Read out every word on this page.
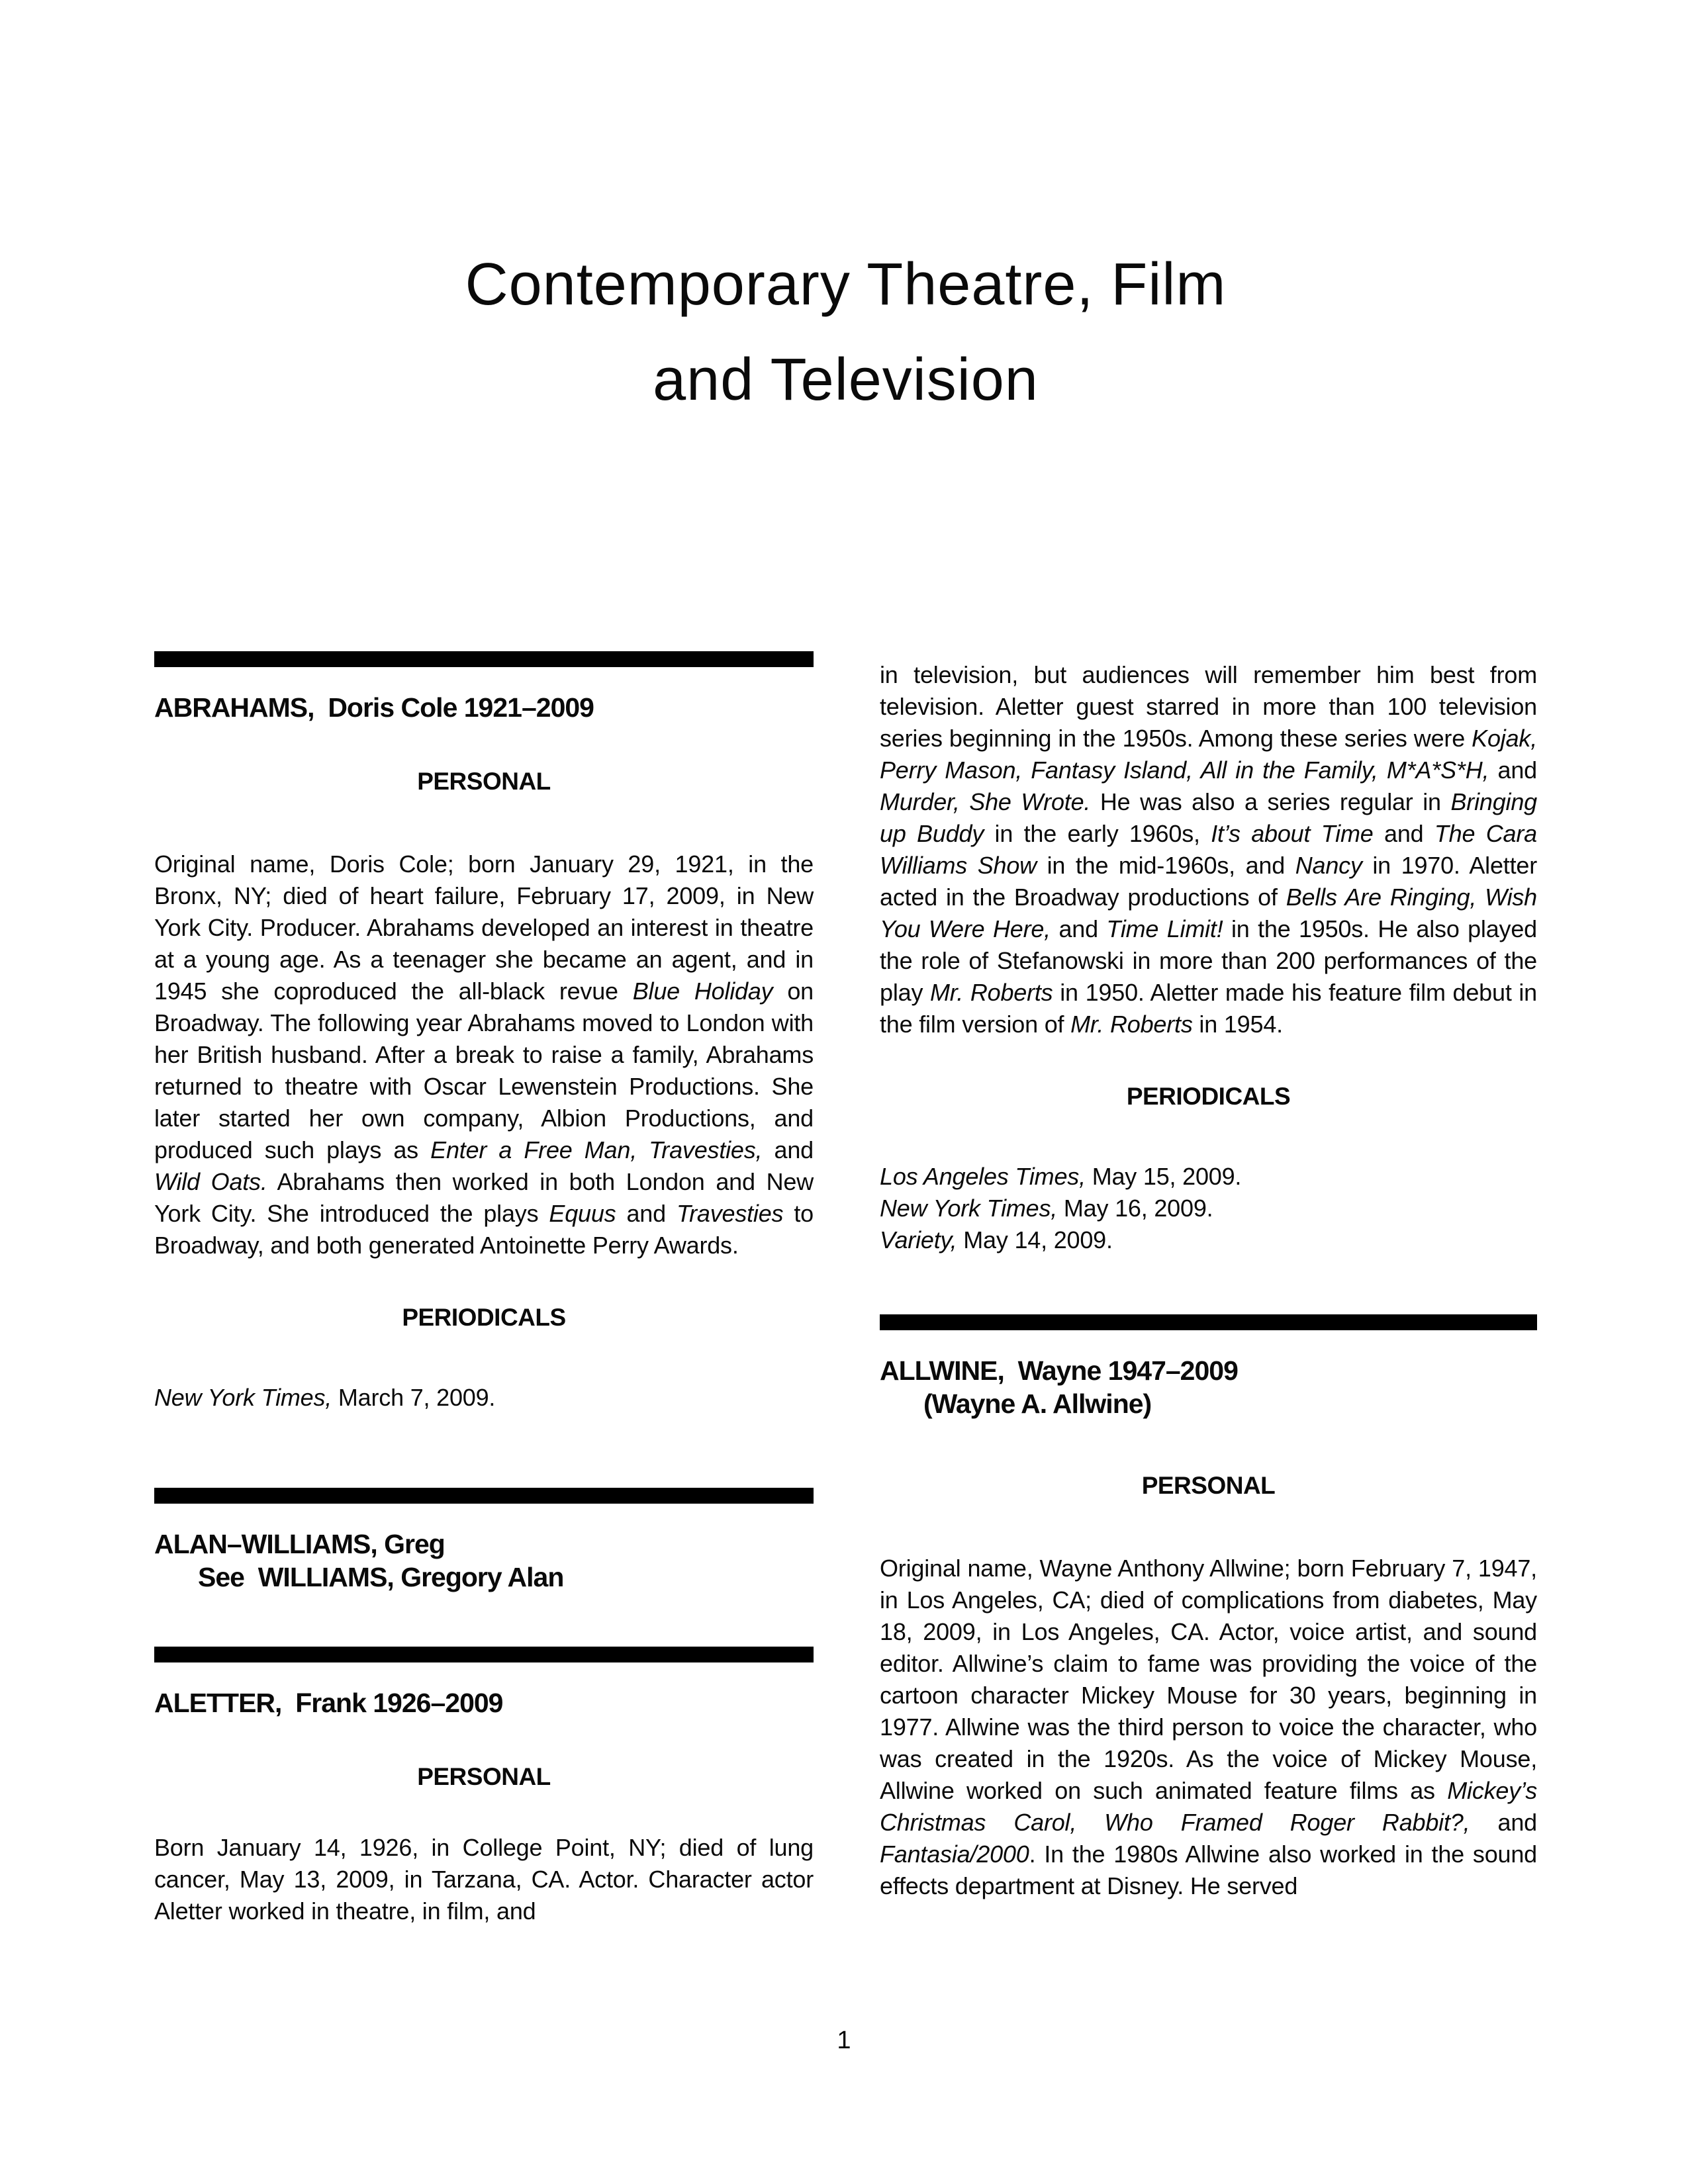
Contemporary Theatre, Film
and Television
ABRAHAMS,  Doris Cole 1921–2009
PERSONAL

Original name, Doris Cole; born January 29, 1921, in the Bronx, NY; died of heart failure, February 17, 2009, in New York City. Producer. Abrahams developed an interest in theatre at a young age. As a teenager she became an agent, and in 1945 she coproduced the all-black revue Blue Holiday on Broadway. The following year Abrahams moved to London with her British husband. After a break to raise a family, Abrahams returned to theatre with Oscar Lewenstein Productions. She later started her own company, Albion Productions, and produced such plays as Enter a Free Man, Travesties, and Wild Oats. Abrahams then worked in both London and New York City. She introduced the plays Equus and Travesties to Broadway, and both generated Antoinette Perry Awards.

PERIODICALS

New York Times, March 7, 2009.

ALAN–WILLIAMS, Greg
See  WILLIAMS, Gregory Alan
ALETTER,  Frank 1926–2009
PERSONAL

Born January 14, 1926, in College Point, NY; died of lung cancer, May 13, 2009, in Tarzana, CA. Actor. Character actor Aletter worked in theatre, in film, and

in television, but audiences will remember him best from television. Aletter guest starred in more than 100 television series beginning in the 1950s. Among these series were Kojak, Perry Mason, Fantasy Island, All in the Family, M*A*S*H, and Murder, She Wrote. He was also a series regular in Bringing up Buddy in the early 1960s, It’s about Time and The Cara Williams Show in the mid-1960s, and Nancy in 1970. Aletter acted in the Broadway productions of Bells Are Ringing, Wish You Were Here, and Time Limit! in the 1950s. He also played the role of Stefanowski in more than 200 performances of the play Mr. Roberts in 1950. Aletter made his feature film debut in the film version of Mr. Roberts in 1954.

PERIODICALS

Los Angeles Times, May 15, 2009.

New York Times, May 16, 2009.

Variety, May 14, 2009.

ALLWINE,  Wayne 1947–2009
(Wayne A. Allwine)
PERSONAL

Original name, Wayne Anthony Allwine; born February 7, 1947, in Los Angeles, CA; died of complications from diabetes, May 18, 2009, in Los Angeles, CA. Actor, voice artist, and sound editor. Allwine’s claim to fame was providing the voice of the cartoon character Mickey Mouse for 30 years, beginning in 1977. Allwine was the third person to voice the character, who was created in the 1920s. As the voice of Mickey Mouse, Allwine worked on such animated feature films as Mickey’s Christmas Carol, Who Framed Roger Rabbit?, and Fantasia/2000. In the 1980s Allwine also worked in the sound effects department at Disney. He served

1
